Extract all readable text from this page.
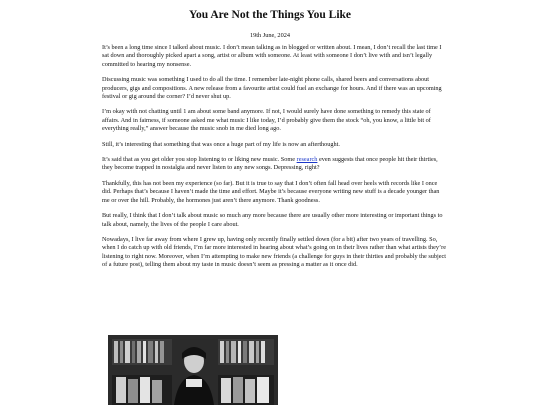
You Are Not the Things You Like
19th June, 2024

It’s been a long time since I talked about music. I don’t mean talking as in blogged or written about. I mean, I don’t recall the last time I sat down and thoroughly picked apart a song, artist or album with someone. At least with someone I don’t live with and isn’t legally committed to hearing my nonsense.

Discussing music was something I used to do all the time. I remember late-night phone calls, shared beers and conversations about producers, gigs and compositions. A new release from a favourite artist could fuel an exchange for hours. And if there was an upcoming festival or gig around the corner? I’d never shut up.

I’m okay with not chatting until 1 am about some band anymore. If not, I would surely have done something to remedy this state of affairs. And in fairness, if someone asked me what music I like today, I’d probably give them the stock “oh, you know, a little bit of everything really,” answer because the music snob in me died long ago.

Still, it’s interesting that something that was once a huge part of my life is now an afterthought.

It’s said that as you get older you stop listening to or liking new music. Some research even suggests that once people hit their thirties, they become trapped in nostalgia and never listen to any new songs. Depressing, right?

Thankfully, this has not been my experience (so far). But it is true to say that I don’t often fall head over heels with records like I once did. Perhaps that’s because I haven’t made the time and effort. Maybe it’s because everyone writing new stuff is a decade younger than me or over the hill. Probably, the hormones just aren’t there anymore. Thank goodness.

But really, I think that I don’t talk about music so much any more because there are usually other more interesting or important things to talk about, namely, the lives of the people I care about.

Nowadays, I live far away from where I grew up, having only recently finally settled down (for a bit) after two years of travelling. So, when I do catch up with old friends, I’m far more interested in hearing about what’s going on in their lives rather than what artists they’re listening to right now. Moreover, when I’m attempting to make new friends (a challenge for guys in their thirties and probably the subject of a future post), telling them about my taste in music doesn’t seem as pressing a matter as it once did.
